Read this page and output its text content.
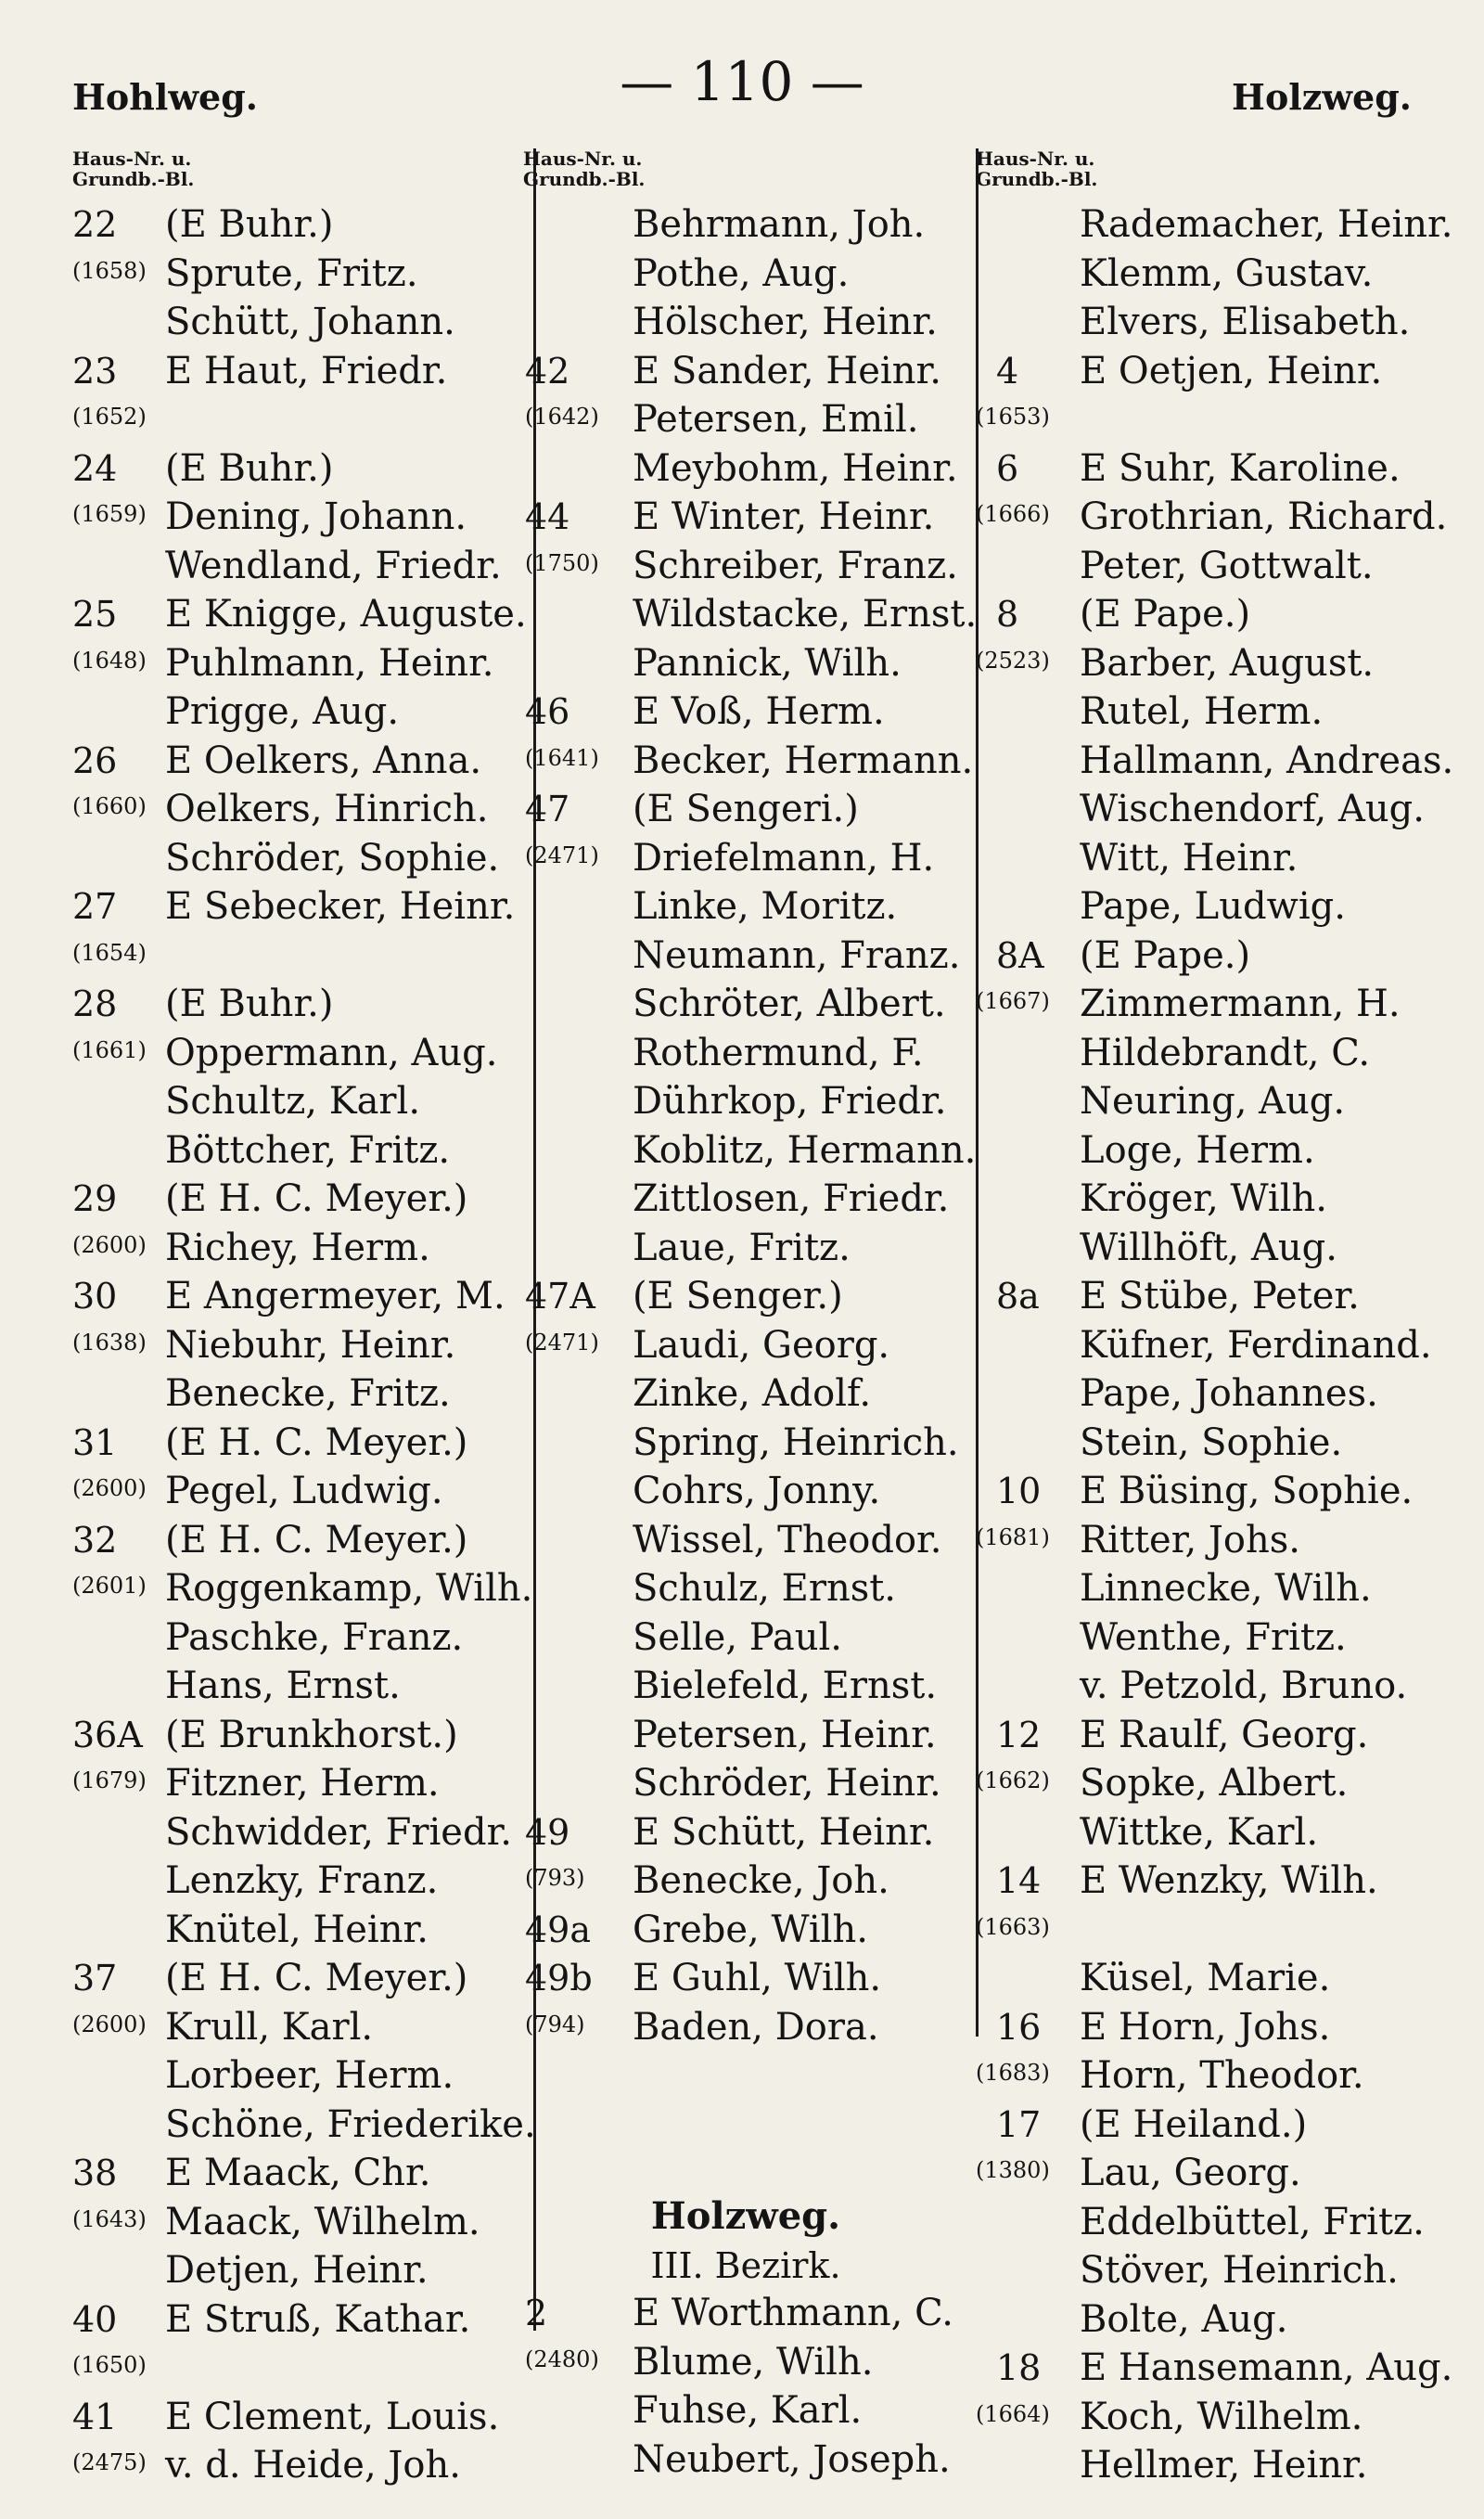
Hohlweg.	— 110 —	Holzweg.
Haus-Nr. u.
Grundb.-Bl.
22 (E Buhr.)
(1658) Sprute, Fritz.
Schütt, Johann.
23 E Haut, Friedr.
(1652)
24 (E Buhr.)
(1659) Dening, Johann.
Wendland, Friedr.
25 E Knigge, Auguste.
(1648) Puhlmann, Heinr.
Prigge, Aug.
26 E Oelkers, Anna.
(1660) Oelkers, Hinrich.
Schröder, Sophie.
27 E Sebecker, Heinr.
(1654)
28 (E Buhr.)
(1661) Oppermann, Aug.
Schultz, Karl.
Böttcher, Fritz.
29 (E H. C. Meyer.)
(2600) Richey, Herm.
30 E Angermeyer, M.
(1638) Niebuhr, Heinr.
Benecke, Fritz.
31 (E H. C. Meyer.)
(2600) Pegel, Ludwig.
32 (E H. C. Meyer.)
(2601) Roggenkamp, Wilh.
Paschke, Franz.
Hans, Ernst.
36A (E Brunkhorst.)
(1679) Fitzner, Herm.
Schwidder, Friedr.
Lenzky, Franz.
Knütel, Heinr.
37 (E H. C. Meyer.)
(2600) Krull, Karl.
Lorbeer, Herm.
Schöne, Friederike.
38 E Maack, Chr.
(1643) Maack, Wilhelm.
Detjen, Heinr.
40 E Struß, Kathar.
(1650)
41 E Clement, Louis.
(2475) v. d. Heide, Joh.
Haus-Nr. u.
Grundb.-Bl.
Behrmann, Joh.
Pothe, Aug.
Hölscher, Heinr.
42 E Sander, Heinr.
(1642) Petersen, Emil.
Meybohm, Heinr.
44 E Winter, Heinr.
(1750) Schreiber, Franz.
Wildstacke, Ernst.
Pannick, Wilh.
46 E Voß, Herm.
(1641) Becker, Hermann.
47 (E Sengeri.)
(2471) Driefelmann, H.
Linke, Moritz.
Neumann, Franz.
Schröter, Albert.
Rothermund, F.
Dührkop, Friedr.
Koblitz, Hermann.
Zittlosen, Friedr.
Laue, Fritz.
47A (E Senger.)
(2471) Laudi, Georg.
Zinke, Adolf.
Spring, Heinrich.
Cohrs, Jonny.
Wissel, Theodor.
Schulz, Ernst.
Selle, Paul.
Bielefeld, Ernst.
Petersen, Heinr.
Schröder, Heinr.
49 E Schütt, Heinr.
(793) Benecke, Joh.
49a Grebe, Wilh.
49b E Guhl, Wilh.
(794) Baden, Dora.
Holzweg.
III. Bezirk.
2 E Worthmann, C.
(2480) Blume, Wilh.
Fuhse, Karl.
Neubert, Joseph.
Haus-Nr. u.
Grundb.-Bl.
Rademacher, Heinr.
Klemm, Gustav.
Elvers, Elisabeth.
4 E Oetjen, Heinr.
(1653)
6 E Suhr, Karoline.
(1666) Grothrian, Richard.
Peter, Gottwalt.
8 (E Pape.)
(2523) Barber, August.
Rutel, Herm.
Hallmann, Andreas.
Wischendorf, Aug.
Witt, Heinr.
Pape, Ludwig.
8A (E Pape.)
(1667) Zimmermann, H.
Hildebrandt, C.
Neuring, Aug.
Loge, Herm.
Kröger, Wilh.
Willhöft, Aug.
8a E Stübe, Peter.
Küfner, Ferdinand.
Pape, Johannes.
Stein, Sophie.
10 E Büsing, Sophie.
(1681) Ritter, Johs.
Linnecke, Wilh.
Wenthe, Fritz.
v. Petzold, Bruno.
12 E Raulf, Georg.
(1662) Sopke, Albert.
Wittke, Karl.
14 E Wenzky, Wilh.
(1663)
Küsel, Marie.
16 E Horn, Johs.
(1683) Horn, Theodor.
17 (E Heiland.)
(1380) Lau, Georg.
Eddelbüttel, Fritz.
Stöver, Heinrich.
Bolte, Aug.
18 E Hansemann, Aug.
(1664) Koch, Wilhelm.
Hellmer, Heinr.
